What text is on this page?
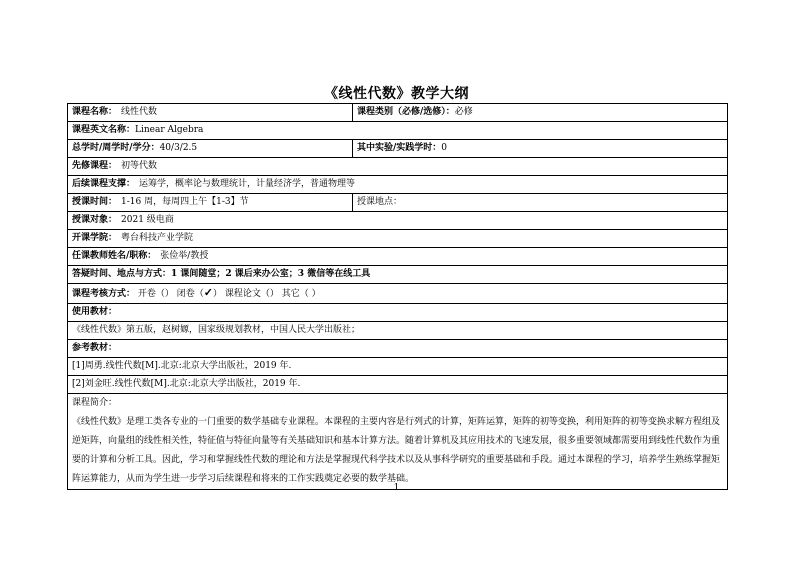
《线性代数》教学大纲
课程名称： 线性代数	课程类别（必修/选修）：必修
课程英文名称：Linear Algebra
总学时/周学时/学分：40/3/2.5	其中实验/实践学时：0
先修课程： 初等代数
后续课程支撑： 运筹学，概率论与数理统计，计量经济学，普通物理等
授课时间： 1-16 周，每周四上午【1-3】节	授课地点：
授课对象： 2021 级电商
开课学院： 粤台科技产业学院
任课教师姓名/职称： 张俭举/教授
答疑时间、地点与方式：1 课间随堂；2 课后来办公室；3 微信等在线工具
课程考核方式： 开卷（） 闭卷（✓） 课程论文（） 其它（ ）
使用教材：
《线性代数》第五版，赵树嫄，国家级规划教材，中国人民大学出版社；
参考教材：
[1]周勇.线性代数[M].北京:北京大学出版社，2019 年.
[2]刘金旺.线性代数[M].北京:北京大学出版社，2019 年.
课程简介：
《线性代数》是理工类各专业的一门重要的数学基础专业课程。本课程的主要内容是行列式的计算，矩阵运算，矩阵的初等变换，利用矩阵的初等变换求解方程组及逆矩阵，向量组的线性相关性，特征值与特征向量等有关基础知识和基本计算方法。随着计算机及其应用技术的飞速发展，很多重要领域都需要用到线性代数作为重要的计算和分析工具。因此，学习和掌握线性代数的理论和方法是掌握现代科学技术以及从事科学研究的重要基础和手段。通过本课程的学习，培养学生熟练掌握矩阵运算能力，从而为学生进一步学习后续课程和将来的工作实践奠定必要的数学基础。
1
